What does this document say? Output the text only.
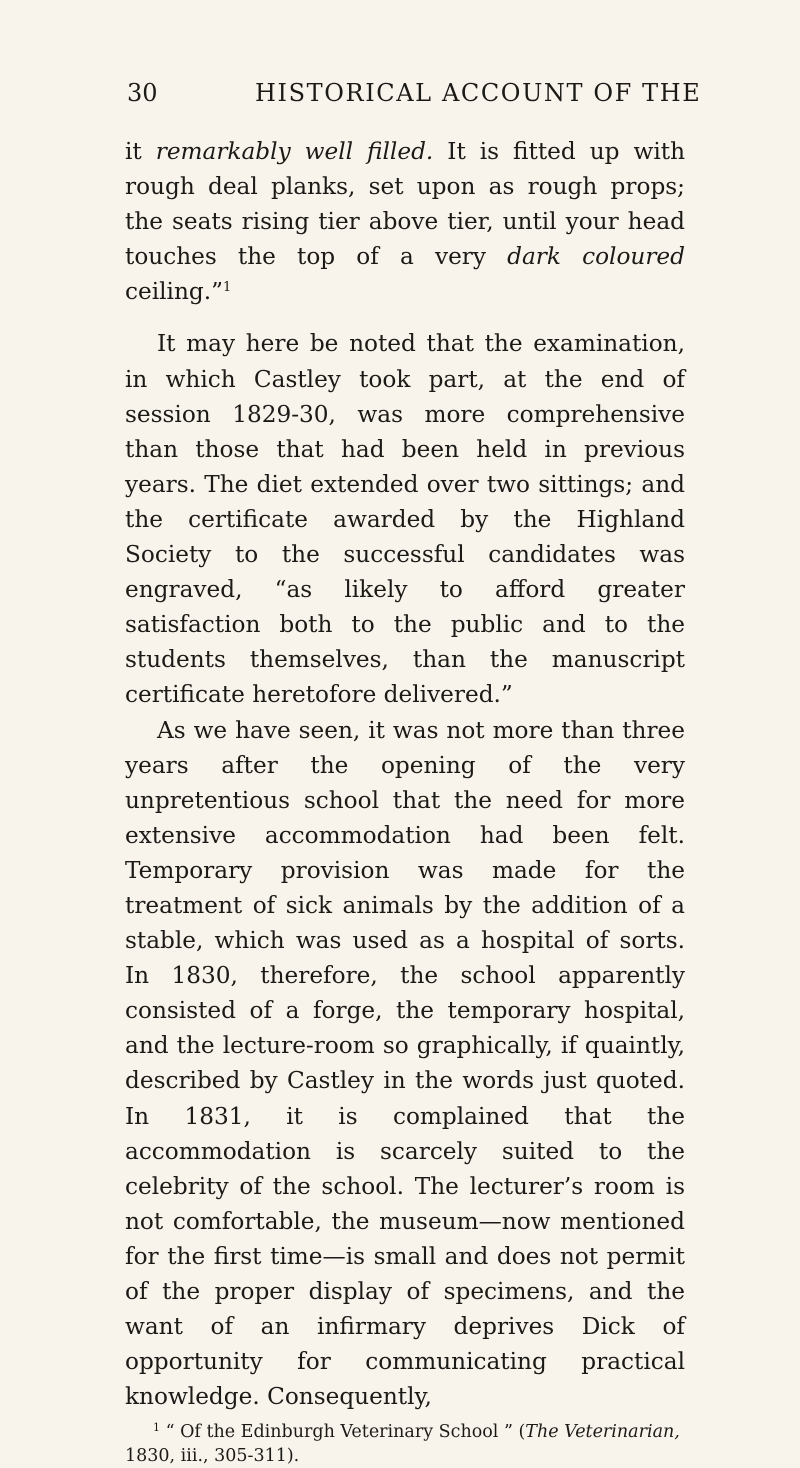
30	HISTORICAL ACCOUNT OF THE

it remarkably well filled. It is fitted up with rough deal planks, set upon as rough props; the seats rising tier above tier, until your head touches the top of a very dark coloured ceiling.”$^1$

It may here be noted that the examination, in which Castley took part, at the end of session 1829-30, was more comprehensive than those that had been held in previous years. The diet extended over two sittings; and the certificate awarded by the Highland Society to the successful candidates was engraved, “as likely to afford greater satisfaction both to the public and to the students themselves, than the manuscript certificate heretofore delivered.”

As we have seen, it was not more than three years after the opening of the very unpretentious school that the need for more extensive accommodation had been felt. Temporary provision was made for the treatment of sick animals by the addition of a stable, which was used as a hospital of sorts. In 1830, therefore, the school apparently consisted of a forge, the temporary hospital, and the lecture-room so graphically, if quaintly, described by Castley in the words just quoted. In 1831, it is complained that the accommodation is scarcely suited to the celebrity of the school. The lecturer’s room is not comfortable, the museum—now mentioned for the first time—is small and does not permit of the proper display of specimens, and the want of an infirmary deprives Dick of opportunity for communicating practical knowledge. Consequently,

$^1$ “ Of the Edinburgh Veterinary School ” (The Veterinarian, 1830, iii., 305-311).
